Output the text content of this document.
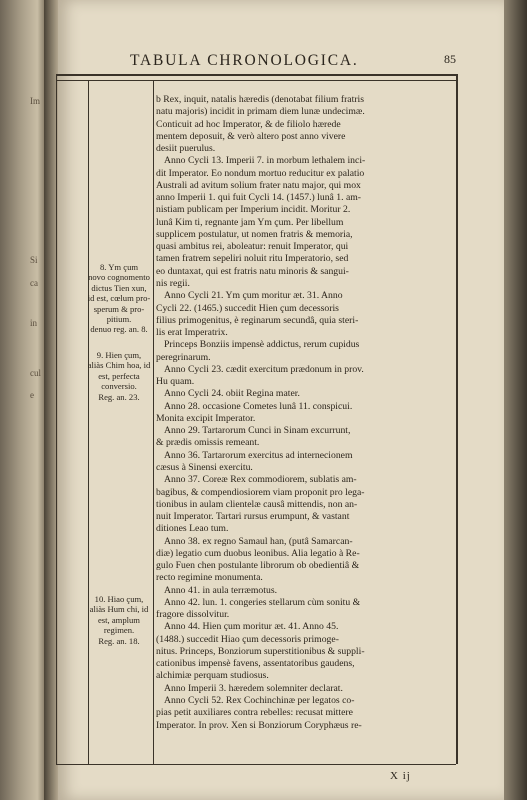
Im
Si
ca
in
cul
e
TABULA CHRONOLOGICA.	85
8. Ym çum
novo cognomento
dictus Tien xun,
id est, cœlum pro-
sperum & pro-
pitium.
denuo reg. an. 8.
9. Hien çum,
aliàs Chim hoa, id
est, perfecta
conversio.
Reg. an. 23.
10. Hiao çum,
aliàs Hum chi, id
est, amplum
regimen.
Reg. an. 18.
b Rex, inquit, natalis hæredis (denotabat filium fratris
natu majoris) incidit in primam diem lunæ undecimæ.
Conticuit ad hoc Imperator, & de filiolo hærede
mentem deposuit, & verò altero post anno vivere
desiit puerulus.
Anno Cycli 13. Imperii 7. in morbum lethalem inci-
dit Imperator. Eo nondum mortuo reducitur ex palatio
Australi ad avitum solium frater natu major, qui mox
anno Imperii 1. qui fuit Cycli 14. (1457.) lunâ 1. am-
nistiam publicam per Imperium incidit. Moritur 2.
lunâ Kim ti, regnante jam Ym çum. Per libellum
supplicem postulatur, ut nomen fratris & memoria,
quasi ambitus rei, aboleatur: renuit Imperator, qui
tamen fratrem sepeliri noluit ritu Imperatorio, sed
eo duntaxat, qui est fratris natu minoris & sangui-
nis regii.
Anno Cycli 21. Ym çum moritur æt. 31. Anno
Cycli 22. (1465.) succedit Hien çum decessoris
filius primogenitus, è reginarum secundâ, quia steri-
lis erat Imperatrix.
Princeps Bonziis impensè addictus, rerum cupidus
peregrinarum.
Anno Cycli 23. cædit exercitum prædonum in prov.
Hu quam.
Anno Cycli 24. obiit Regina mater.
Anno 28. occasione Cometes lunâ 11. conspicui.
Monita excipit Imperator.
Anno 29. Tartarorum Cunci in Sinam excurrunt,
& prædis omissis remeant.
Anno 36. Tartarorum exercitus ad internecionem
cæsus à Sinensi exercitu.
Anno 37. Coreæ Rex commodiorem, sublatis am-
bagibus, & compendiosiorem viam proponit pro lega-
tionibus in aulam clientelæ causâ mittendis, non an-
nuit Imperator. Tartari rursus erumpunt, & vastant
ditiones Leao tum.
Anno 38. ex regno Samaul han, (putâ Samarcan-
diæ) legatio cum duobus leonibus. Alia legatio à Re-
gulo Fuen chen postulante librorum ob obedientiâ &
recto regimine monumenta.
Anno 41. in aula terræmotus.
Anno 42. lun. 1. congeries stellarum cùm sonitu &
fragore dissolvitur.
Anno 44. Hien çum moritur æt. 41. Anno 45.
(1488.) succedit Hiao çum decessoris primoge-
nitus. Princeps, Bonziorum superstitionibus & suppli-
cationibus impensè favens, assentatoribus gaudens,
alchimiæ perquam studiosus.
Anno Imperii 3. hæredem solemniter declarat.
Anno Cycli 52. Rex Cochinchinæ per legatos co-
pias petit auxiliares contra rebelles: recusat mittere
Imperator. In prov. Xen si Bonziorum Coryphæus re-
X ij
